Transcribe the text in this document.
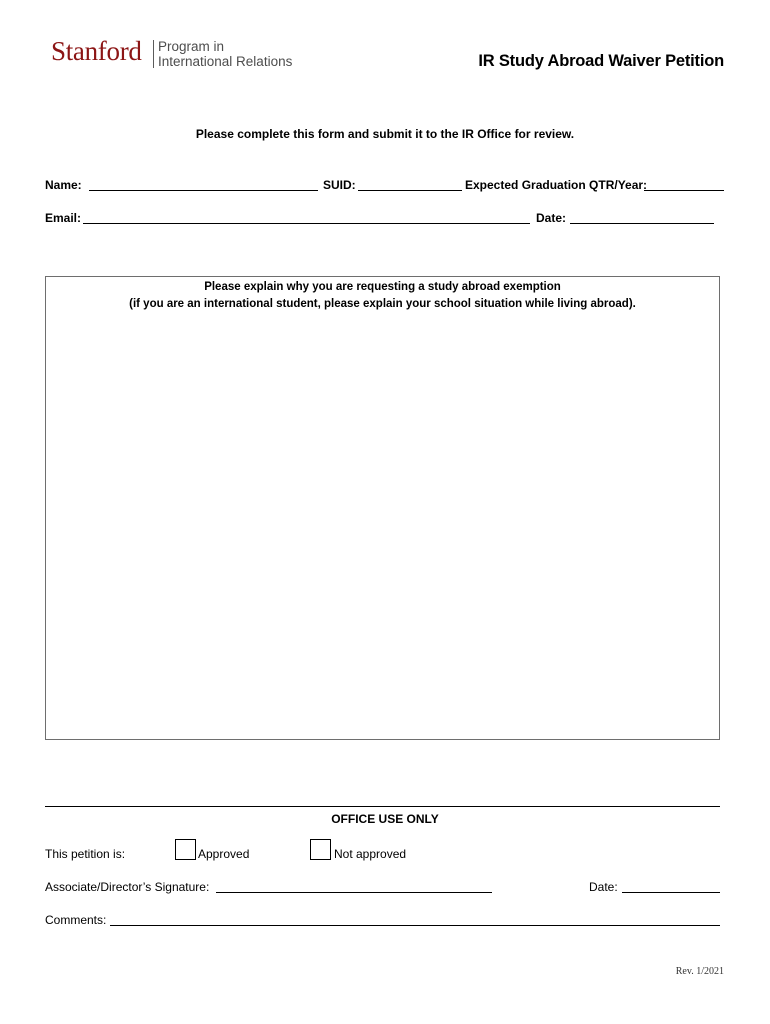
Stanford Program in
International Relations	IR Study Abroad Waiver Petition
Please complete this form and submit it to the IR Office for review.
Name:	SUID:	Expected Graduation QTR/Year:
Email:	Date:
Please explain why you are requesting a study abroad exemption
(if you are an international student, please explain your school situation while living abroad).
OFFICE USE ONLY
This petition is:	Approved	Not approved
Associate/Director’s Signature:	Date:
Comments:
Rev. 1/2021
